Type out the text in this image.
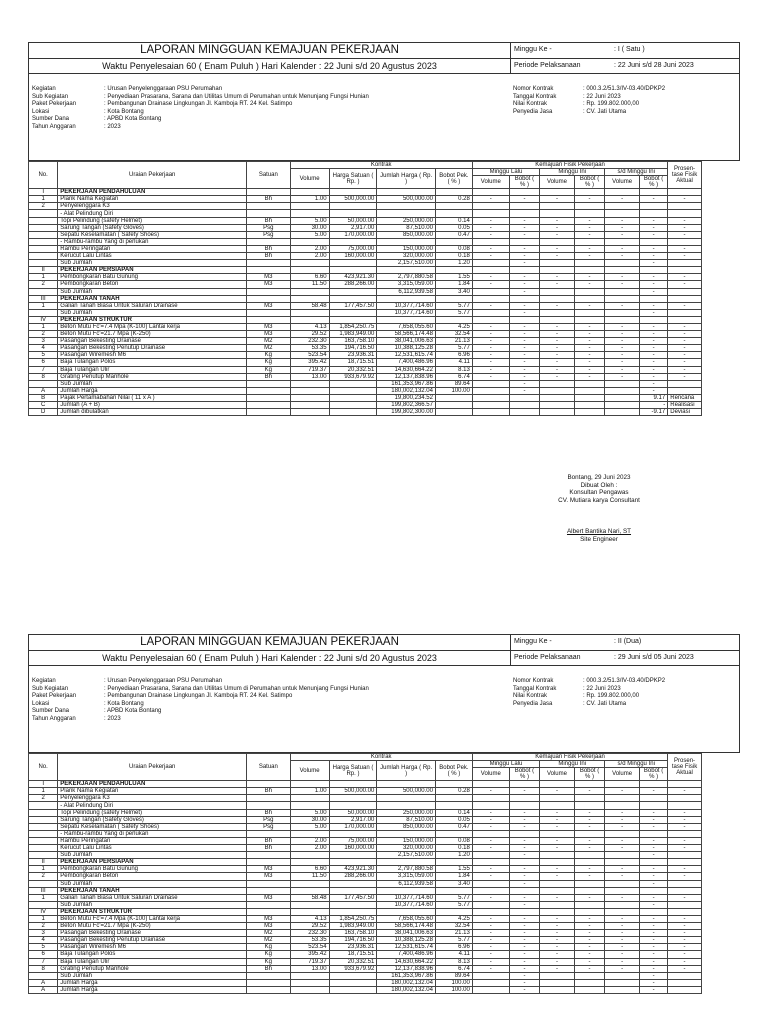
LAPORAN MINGGUAN KEMAJUAN PEKERJAAN	Minggu Ke -	: I ( Satu )
Waktu Penyelesaian 60 ( Enam Puluh ) Hari Kalender : 22 Juni s/d 20 Agustus 2023	Periode Pelaksanaan	: 22 Juni s/d 28 Juni 2023
Kegiatan	: Urusan Penyelenggaraan PSU Perumahan
Sub Kegiatan	: Penyediaan Prasarana, Sarana dan Utilitas Umum di Perumahan untuk Menunjang Fungsi Hunian
Paket Pekerjaan	: Pembangunan Drainase Lingkungan Jl. Kamboja RT. 24 Kel. Satimpo
Lokasi	: Kota Bontang
Sumber Dana	: APBD Kota Bontang
Tahun Anggaran	: 2023
Nomor Kontrak	: 000.3.2/51.3/IV-03.40/DPKP2
Tanggal Kontrak	: 22 Juni 2023
Nilai Kontrak	: Rp. 199.802.000,00
Penyedia Jasa	: CV. Jati Utama
No.	Uraian Pekerjaan	Satuan	Kontrak				Kemajuan Fisik Pekerjaan						Prosen- tase Fisik Aktual
			Volume	Harga Satuan ( Rp. )	Jumlah Harga ( Rp. )	Bobot Pek. ( % )	Minggu Lalu		Minggu Ini		s/d Minggu Ini		
							Volume	Bobot ( % )	Volume	Bobot ( % )	Volume	Bobot ( % )	
I	PEKERJAAN PENDAHULUAN												
1	Plank Nama Kegiatan	Bh	1.00	500,000.00	500,000.00	0.28	-	-	-	-	-	-	-
2	Penyelenggara K3												
	- Alat Pelindung Diri												
	Topi Pelindung (safety Helmet)	Bh	5.00	50,000.00	250,000.00	0.14	-	-	-	-	-	-	-
	Sarung Tangan (Safety Gloves)	Psg	30.00	2,917.00	87,510.00	0.05	-	-	-	-	-	-	-
	Sepatu Keselamatan ( Safety Shoes)	Psg	5.00	170,000.00	850,000.00	0.47	-	-	-	-	-	-	-
	- Rambu-rambu Yang di perlukan												
	Rambu Peringatan	Bh	2.00	75,000.00	150,000.00	0.08	-	-	-	-	-	-	-
	Kerucut Lalu Lintas	Bh	2.00	160,000.00	320,000.00	0.18	-	-	-	-	-	-	-
	Sub Jumlah				2,157,510.00	1.20		-				-	
II	PEKERJAAN PERSIAPAN												
1	Pembongkaran Batu Gunung	M3	6.60	423,921.30	2,797,880.58	1.55	-	-	-	-	-	-	-
2	Pembongkaran Beton	M3	11.50	288,266.00	3,315,059.00	1.84	-	-	-	-	-	-	-
	Sub Jumlah				6,112,939.58	3.40		-				-	
III	PEKERJAAN TANAH												
1	Galian Tanah Biasa Untuk Saluran Drainase	M3	58.48	177,457.50	10,377,714.60	5.77	-	-	-	-	-	-	-
	Sub Jumlah				10,377,714.60	5.77		-				-	
IV	PEKERJAAN STRUKTUR												
1	Beton Mutu Fc'=7.4 Mpa (K-100) Lantai kerja	M3	4.13	1,854,250.75	7,658,055.60	4.25	-	-	-	-	-	-	-
2	Beton Mutu Fc'=21.7 Mpa (K-250)	M3	29.52	1,983,949.00	58,566,174.48	32.54	-	-	-	-	-	-	-
3	Pasangan Bekesting Drainase	M2	232.30	163,758.10	38,041,006.63	21.13	-	-	-	-	-	-	-
4	Pasangan Bekesting Penutup Drainase	M2	53.35	194,716.50	10,388,125.28	5.77	-	-	-	-	-	-	-
5	Pasangan Wiremesh M6	Kg	523.54	23,936.31	12,531,615.74	6.96	-	-	-	-	-	-	-
6	Baja Tulangan Polos	Kg	395.42	18,715.51	7,400,486.96	4.11	-	-	-	-	-	-	-
7	Baja Tulangan Ulir	Kg	719.37	20,332.51	14,630,664.22	8.13	-	-	-	-	-	-	-
8	Grating Penutup Manhole	Bh	13.00	933,679.92	12,137,838.96	6.74	-	-	-	-	-	-	-
	Sub Jumlah				161,353,967.86	89.64		-				-	
A	Jumlah Harga				180,002,132.04	100.00		-				-	
B	Pajak Pertamabahan Nilai ( 11 x A )				19,800,234.52							9.17	Rencana
C	Jumlah (A + B)				199,802,366.57							-	Realisasi
D	Jumlah dibulatkan				199,802,300.00							-9.17	Deviasi
Bontang, 29 Juni 2023
Dibuat Oleh :
Konsultan Pengawas
CV. Mutiara karya Consultant
Albert Bantika Nari, ST
Site Engineer
LAPORAN MINGGUAN KEMAJUAN PEKERJAAN	Minggu Ke -	: II (Dua)
Waktu Penyelesaian 60 ( Enam Puluh ) Hari Kalender : 22 Juni s/d 20 Agustus 2023	Periode Pelaksanaan	: 29 Juni s/d 05 Juni 2023
Kegiatan	: Urusan Penyelenggaraan PSU Perumahan
Sub Kegiatan	: Penyediaan Prasarana, Sarana dan Utilitas Umum di Perumahan untuk Menunjang Fungsi Hunian
Paket Pekerjaan	: Pembangunan Drainase Lingkungan Jl. Kamboja RT. 24 Kel. Satimpo
Lokasi	: Kota Bontang
Sumber Dana	: APBD Kota Bontang
Tahun Anggaran	: 2023
Nomor Kontrak	: 000.3.2/51.3/IV-03.40/DPKP2
Tanggal Kontrak	: 22 Juni 2023
Nilai Kontrak	: Rp. 199.802.000,00
Penyedia Jasa	: CV. Jati Utama
No.	Uraian Pekerjaan	Satuan	Kontrak				Kemajuan Fisik Pekerjaan						Prosen- tase Fisik Aktual
			Volume	Harga Satuan ( Rp. )	Jumlah Harga ( Rp. )	Bobot Pek. ( % )	Minggu Lalu		Minggu Ini		s/d Minggu Ini		
							Volume	Bobot ( % )	Volume	Bobot ( % )	Volume	Bobot ( % )	
I	PEKERJAAN PENDAHULUAN												
1	Plank Nama Kegiatan	Bh	1.00	500,000.00	500,000.00	0.28	-	-	-	-	-	-	-
2	Penyelenggara K3												
	- Alat Pelindung Diri												
	Topi Pelindung (safety Helmet)	Bh	5.00	50,000.00	250,000.00	0.14	-	-	-	-	-	-	-
	Sarung Tangan (Safety Gloves)	Psg	30.00	2,917.00	87,510.00	0.05	-	-	-	-	-	-	-
	Sepatu Keselamatan ( Safety Shoes)	Psg	5.00	170,000.00	850,000.00	0.47	-	-	-	-	-	-	-
	- Rambu-rambu Yang di perlukan												
	Rambu Peringatan	Bh	2.00	75,000.00	150,000.00	0.08	-	-	-	-	-	-	-
	Kerucut Lalu Lintas	Bh	2.00	160,000.00	320,000.00	0.18	-	-	-	-	-	-	-
	Sub Jumlah				2,157,510.00	1.20		-				-	
II	PEKERJAAN PERSIAPAN												
1	Pembongkaran Batu Gunung	M3	6.60	423,921.30	2,797,880.58	1.55	-	-	-	-	-	-	-
2	Pembongkaran Beton	M3	11.50	288,266.00	3,315,059.00	1.84	-	-	-	-	-	-	-
	Sub Jumlah				6,112,939.58	3.40		-				-	
III	PEKERJAAN TANAH												
1	Galian Tanah Biasa Untuk Saluran Drainase	M3	58.48	177,457.50	10,377,714.60	5.77	-	-	-	-	-	-	-
	Sub Jumlah				10,377,714.60	5.77		-				-	
IV	PEKERJAAN STRUKTUR												
1	Beton Mutu Fc'=7.4 Mpa (K-100) Lantai kerja	M3	4.13	1,854,250.75	7,658,055.60	4.25	-	-	-	-	-	-	-
2	Beton Mutu Fc'=21.7 Mpa (K-250)	M3	29.52	1,983,949.00	58,566,174.48	32.54	-	-	-	-	-	-	-
3	Pasangan Bekesting Drainase	M2	232.30	163,758.10	38,041,006.63	21.13	-	-	-	-	-	-	-
4	Pasangan Bekesting Penutup Drainase	M2	53.35	194,716.50	10,388,125.28	5.77	-	-	-	-	-	-	-
5	Pasangan Wiremesh M6	Kg	523.54	23,936.31	12,531,615.74	6.96	-	-	-	-	-	-	-
6	Baja Tulangan Polos	Kg	395.42	18,715.51	7,400,486.96	4.11	-	-	-	-	-	-	-
7	Baja Tulangan Ulir	Kg	719.37	20,332.51	14,630,664.22	8.13	-	-	-	-	-	-	-
8	Grating Penutup Manhole	Bh	13.00	933,679.92	12,137,838.96	6.74	-	-	-	-	-	-	-
	Sub Jumlah				161,353,967.86	89.64		-				-	
A	Jumlah Harga				180,002,132.04	100.00		-				-	
A	Jumlah Harga				180,002,132.04	100.00		-				-	
